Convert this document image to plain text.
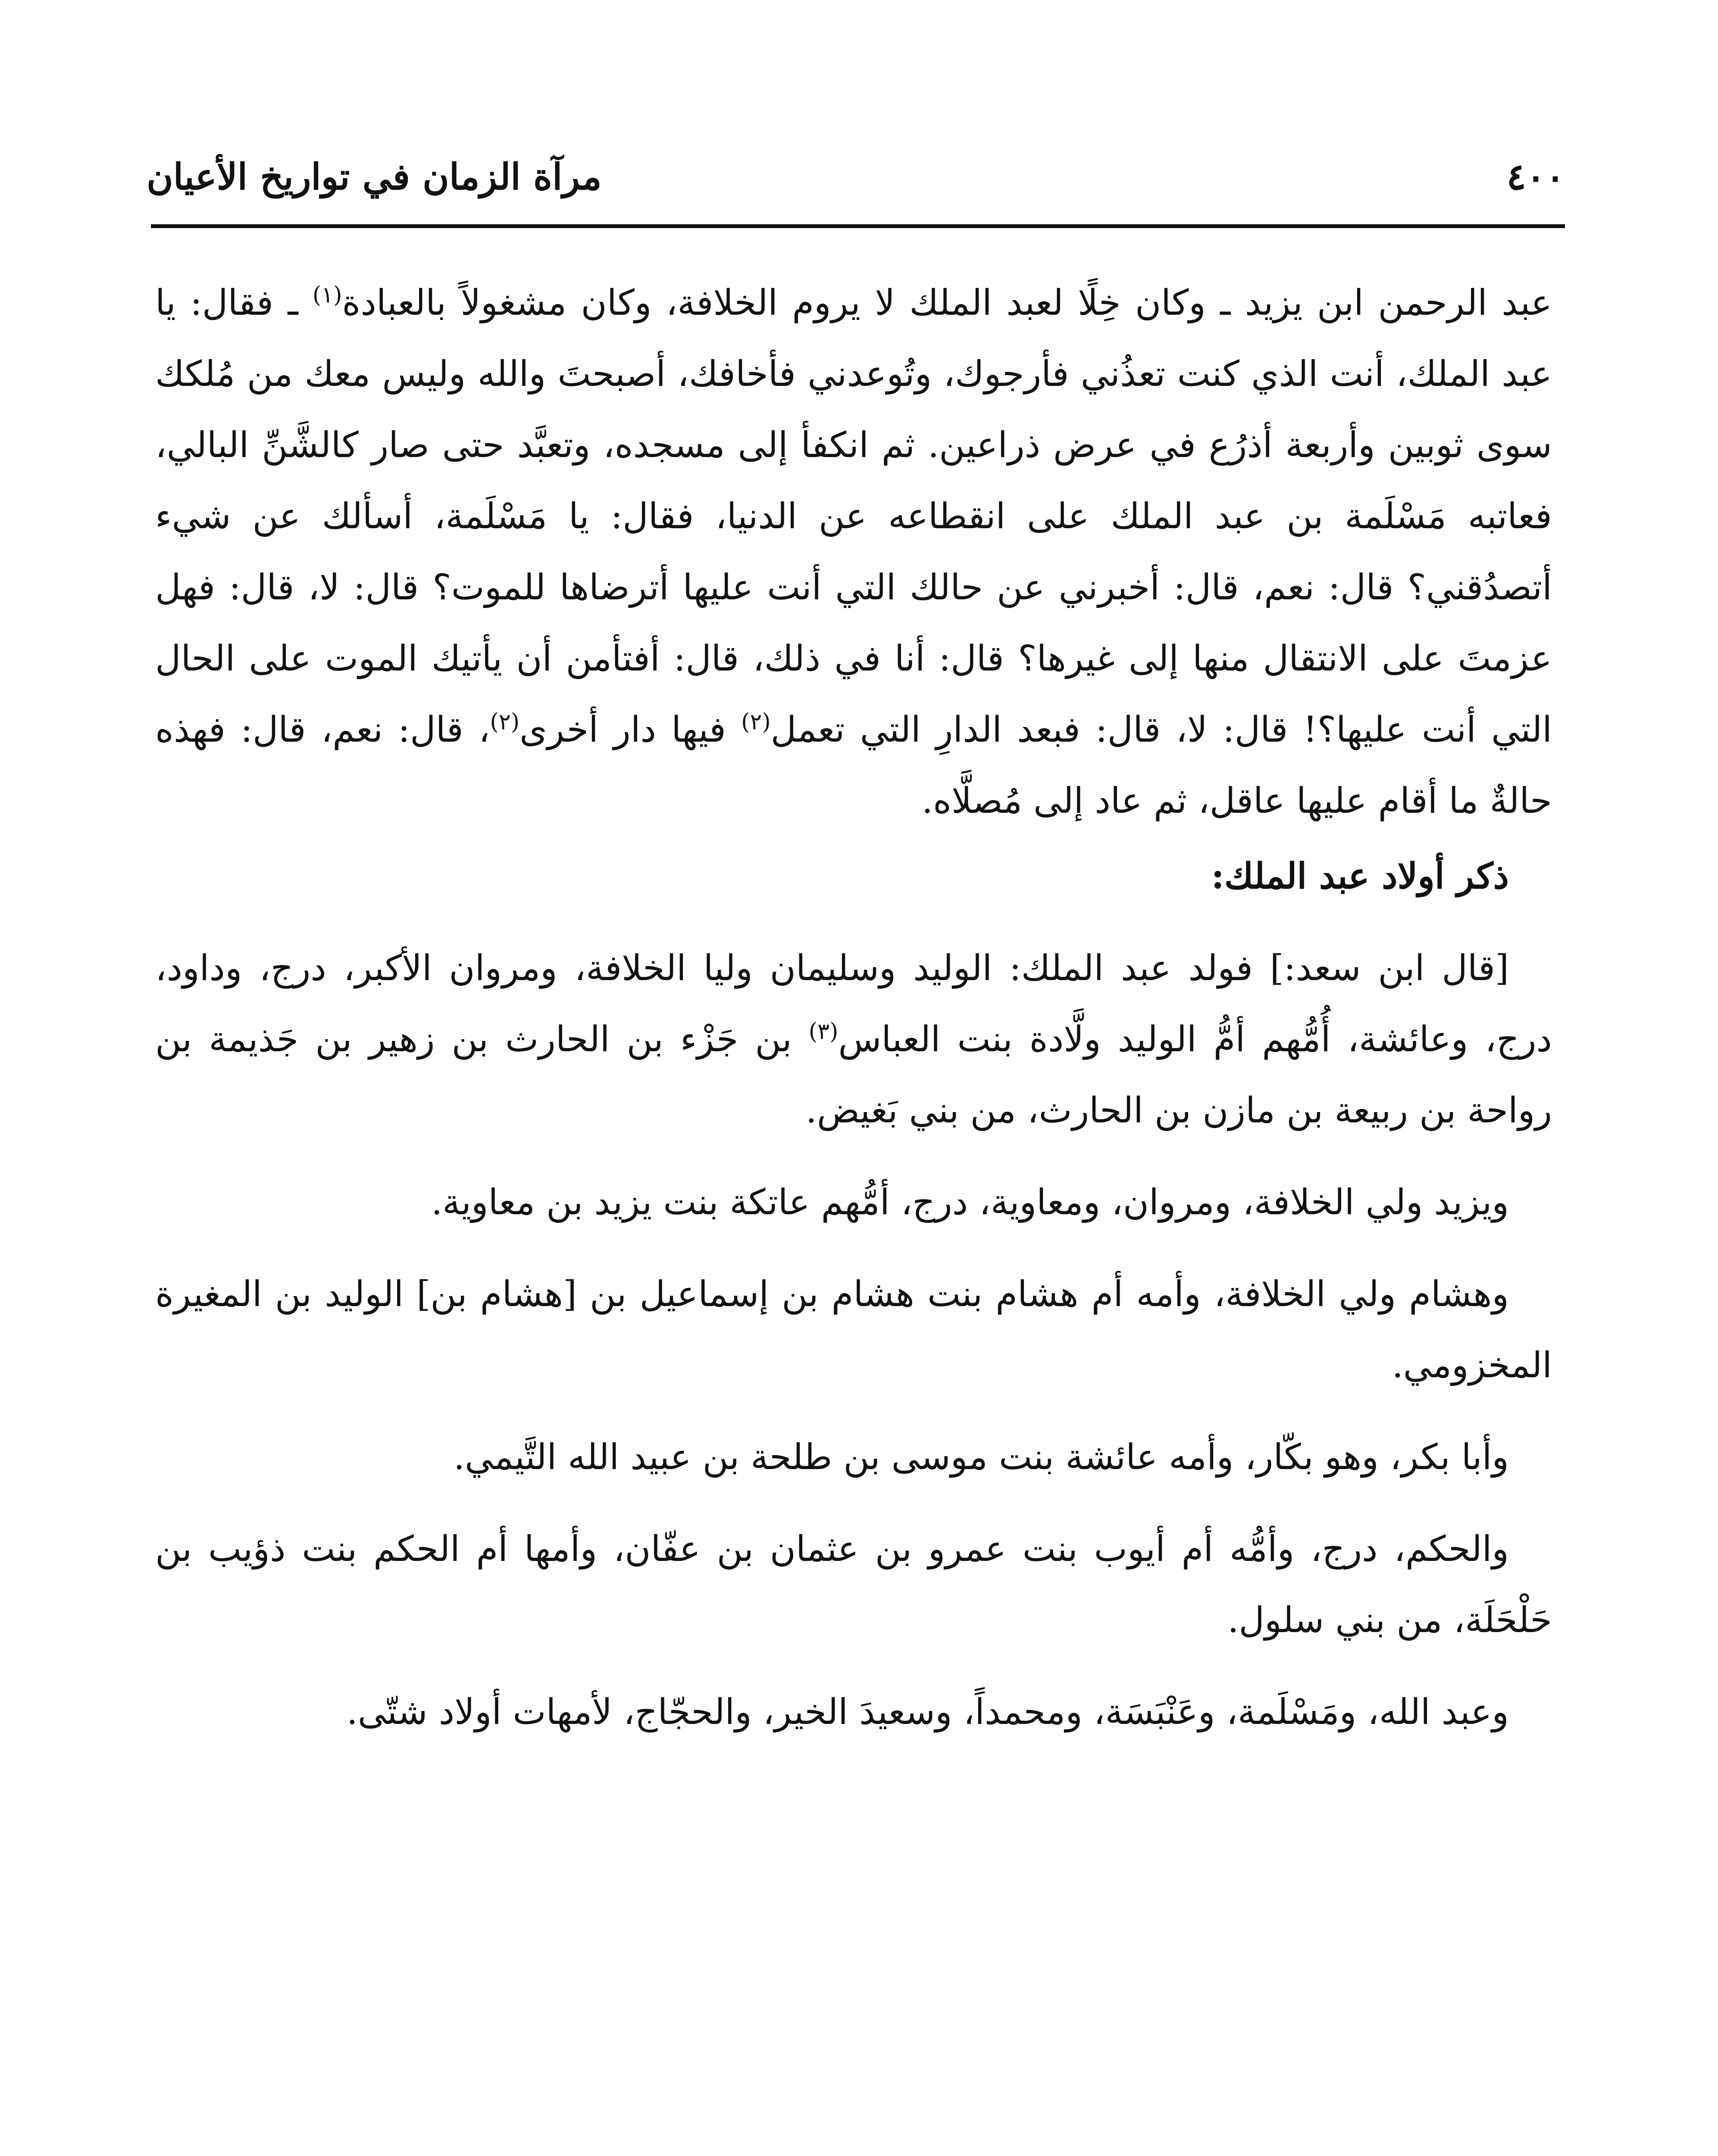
٤٠٠
مرآة الزمان في تواريخ الأعيان

عبد الرحمن ابن يزيد ـ وكان خِلًا لعبد الملك لا يروم الخلافة، وكان مشغولاً بالعبادة$^{(١)}$ ـ فقال: يا عبد الملك، أنت الذي كنت تعذُني فأرجوك، وتُوعدني فأخافك، أصبحتَ والله وليس معك من مُلكك سوى ثوبين وأربعة أذرُع في عرض ذراعين. ثم انكفأ إلى مسجده، وتعبَّد حتى صار كالشَّنِّ البالي، فعاتبه مَسْلَمة بن عبد الملك على انقطاعه عن الدنيا، فقال: يا مَسْلَمة، أسألك عن شيء أتصدُقني؟ قال: نعم، قال: أخبرني عن حالك التي أنت عليها أترضاها للموت؟ قال: لا، قال: فهل عزمتَ على الانتقال منها إلى غيرها؟ قال: أنا في ذلك، قال: أفتأمن أن يأتيك الموت على الحال التي أنت عليها؟! قال: لا، قال: فبعد الدارِ التي تعمل$^{(٢)}$ فيها دار أخرى$^{(٢)}$، قال: نعم، قال: فهذه حالةٌ ما أقام عليها عاقل، ثم عاد إلى مُصلَّاه.

ذكر أولاد عبد الملك:

[قال ابن سعد:] فولد عبد الملك: الوليد وسليمان وليا الخلافة، ومروان الأكبر، درج، وداود، درج، وعائشة، أُمُّهم أمُّ الوليد ولَّادة بنت العباس$^{(٣)}$ بن جَزْء بن الحارث بن زهير بن جَذيمة بن رواحة بن ربيعة بن مازن بن الحارث، من بني بَغيض.

ويزيد ولي الخلافة، ومروان، ومعاوية، درج، أمُّهم عاتكة بنت يزيد بن معاوية.

وهشام ولي الخلافة، وأمه أم هشام بنت هشام بن إسماعيل بن [هشام بن] الوليد بن المغيرة المخزومي.

وأبا بكر، وهو بكّار، وأمه عائشة بنت موسى بن طلحة بن عبيد الله التَّيمي.

والحكم، درج، وأمُّه أم أيوب بنت عمرو بن عثمان بن عفّان، وأمها أم الحكم بنت ذؤيب بن حَلْحَلَة، من بني سلول.

وعبد الله، ومَسْلَمة، وعَنْبَسَة، ومحمداً، وسعيدَ الخير، والحجّاج، لأمهات أولاد شتّى.
